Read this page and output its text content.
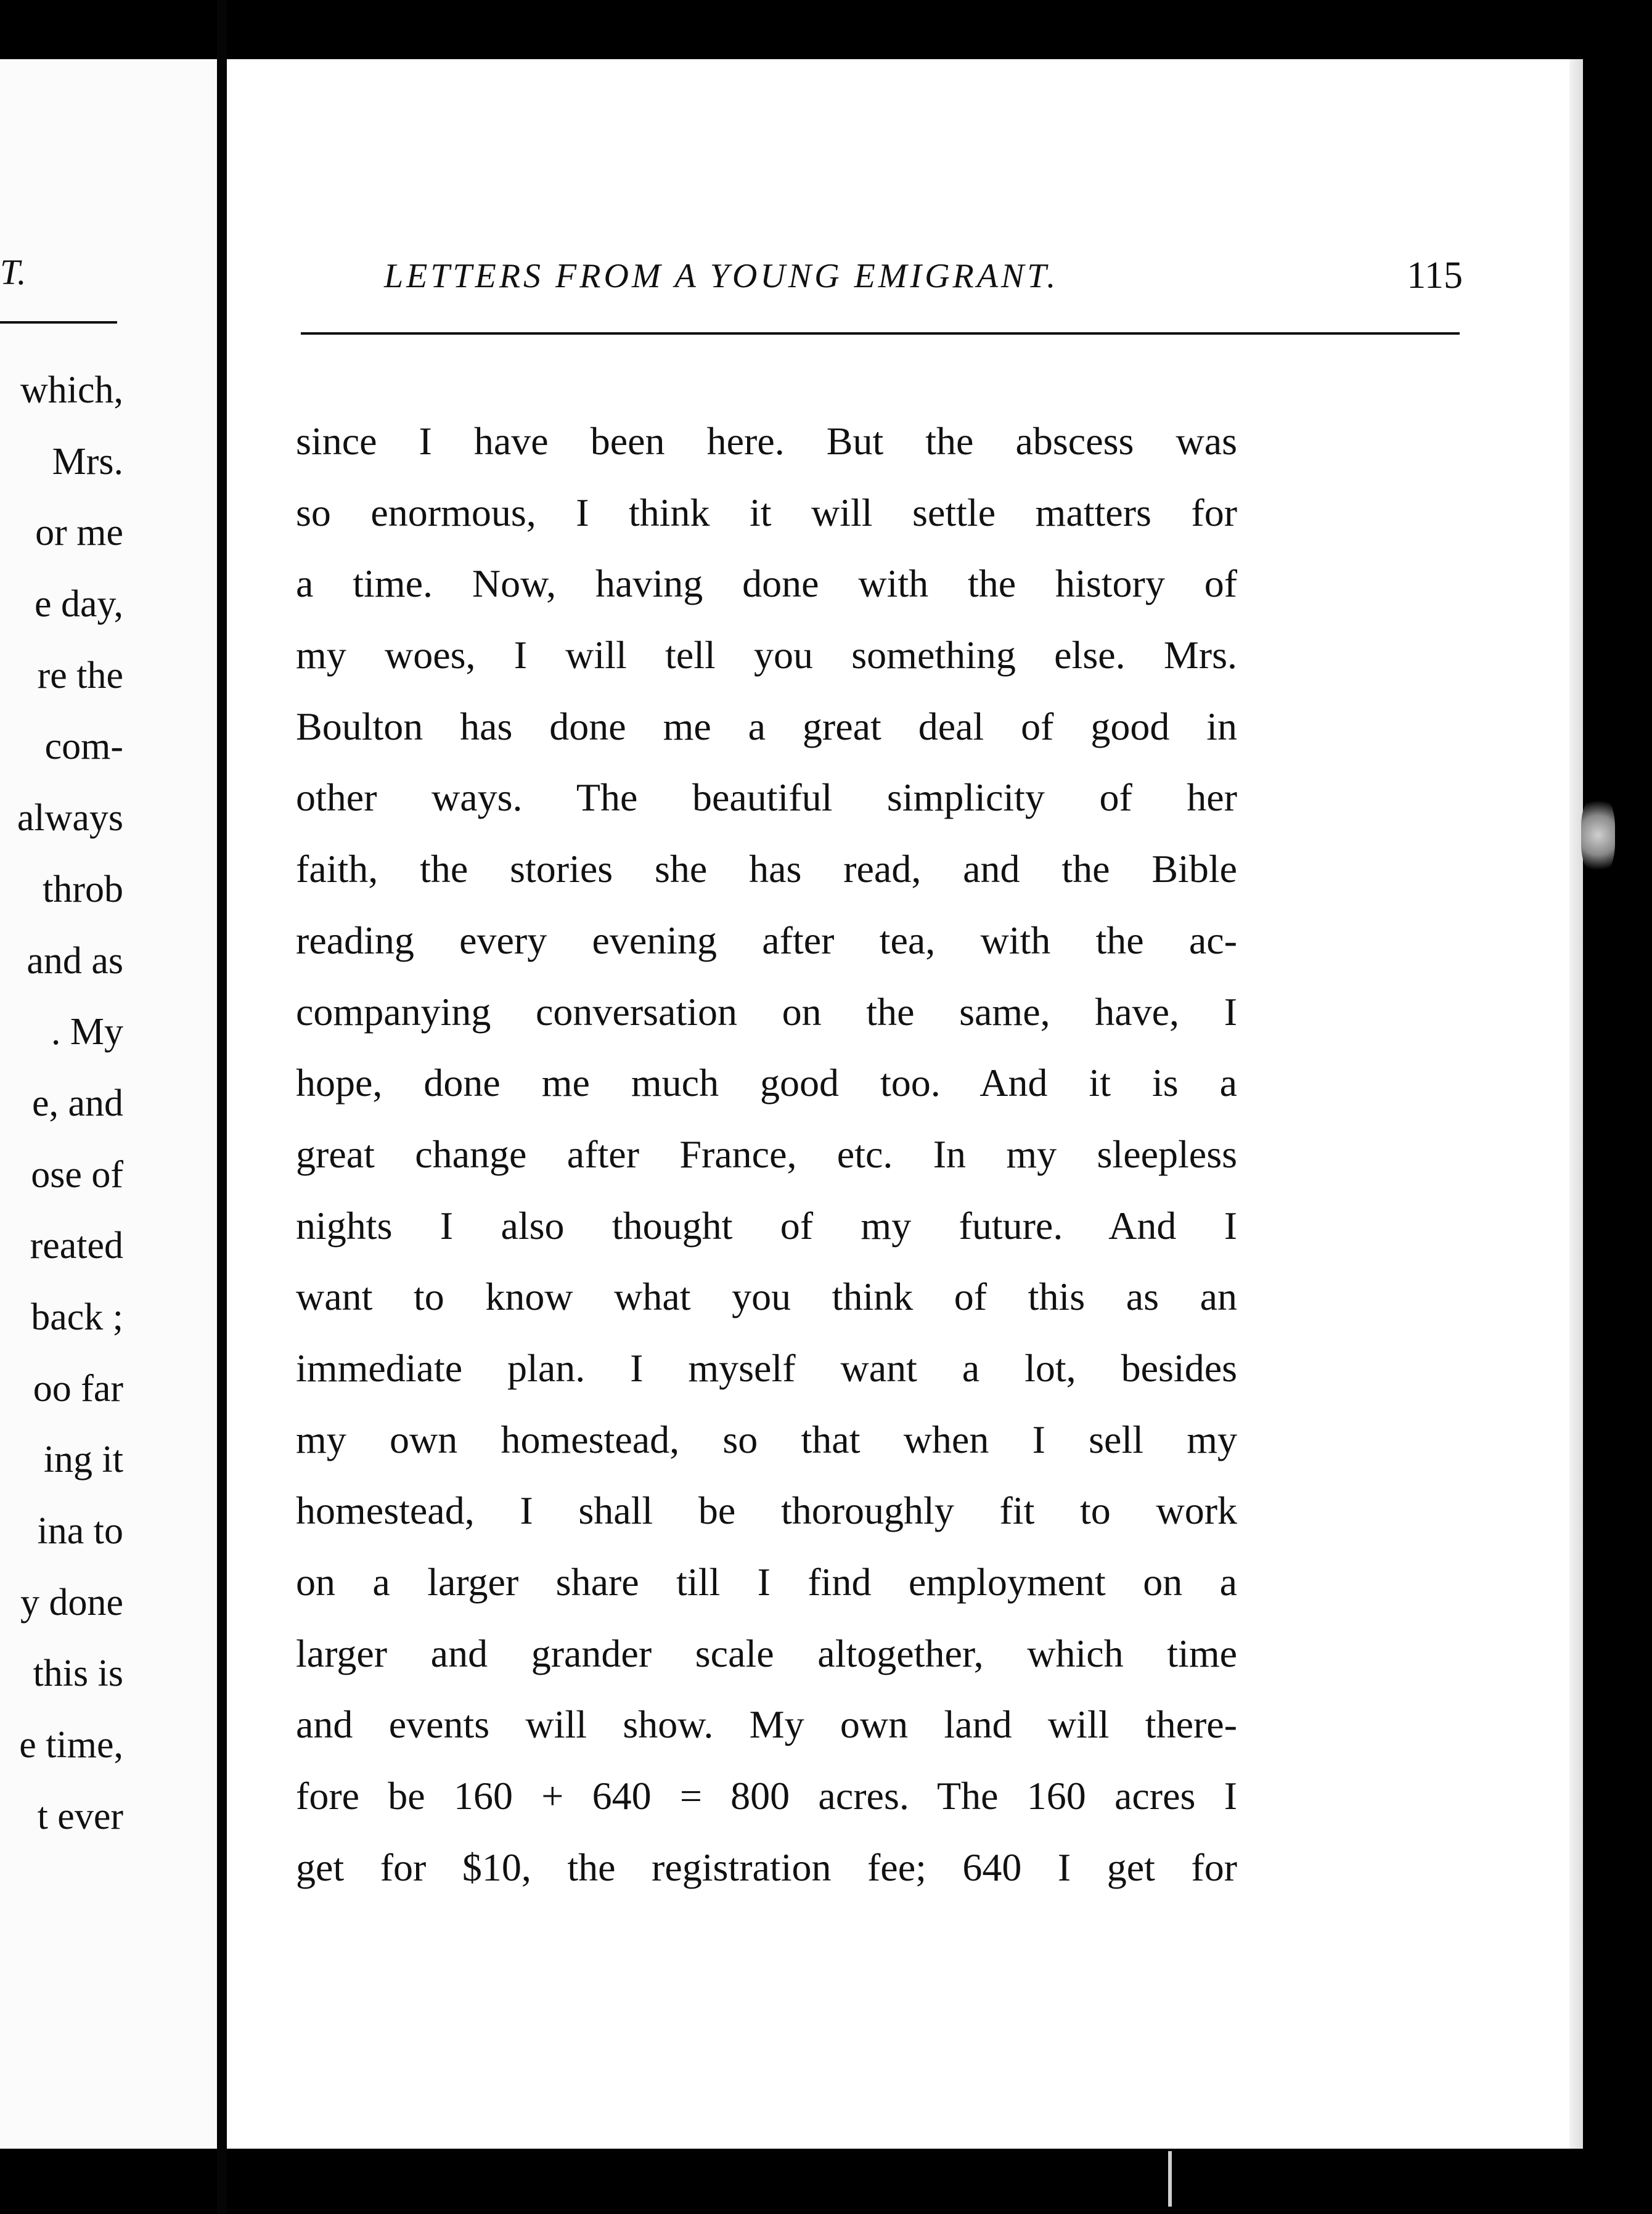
T.
which,
Mrs.
or me
e day,
re the
com-
always
throb
and as
. My
e, and
ose of
reated
back ;
oo far
ing it
ina to
y done
this is
e time,
t ever
LETTERS FROM A YOUNG EMIGRANT.	115
since I have been here. But the abscess was
so enormous, I think it will settle matters for
a time. Now, having done with the history of
my woes, I will tell you something else. Mrs.
Boulton has done me a great deal of good in
other ways. The beautiful simplicity of her
faith, the stories she has read, and the Bible
reading every evening after tea, with the ac-
companying conversation on the same, have, I
hope, done me much good too. And it is a
great change after France, etc. In my sleepless
nights I also thought of my future. And I
want to know what you think of this as an
immediate plan. I myself want a lot, besides
my own homestead, so that when I sell my
homestead, I shall be thoroughly fit to work
on a larger share till I find employment on a
larger and grander scale altogether, which time
and events will show. My own land will there-
fore be 160 + 640 = 800 acres. The 160 acres I
get for $10, the registration fee; 640 I get for
